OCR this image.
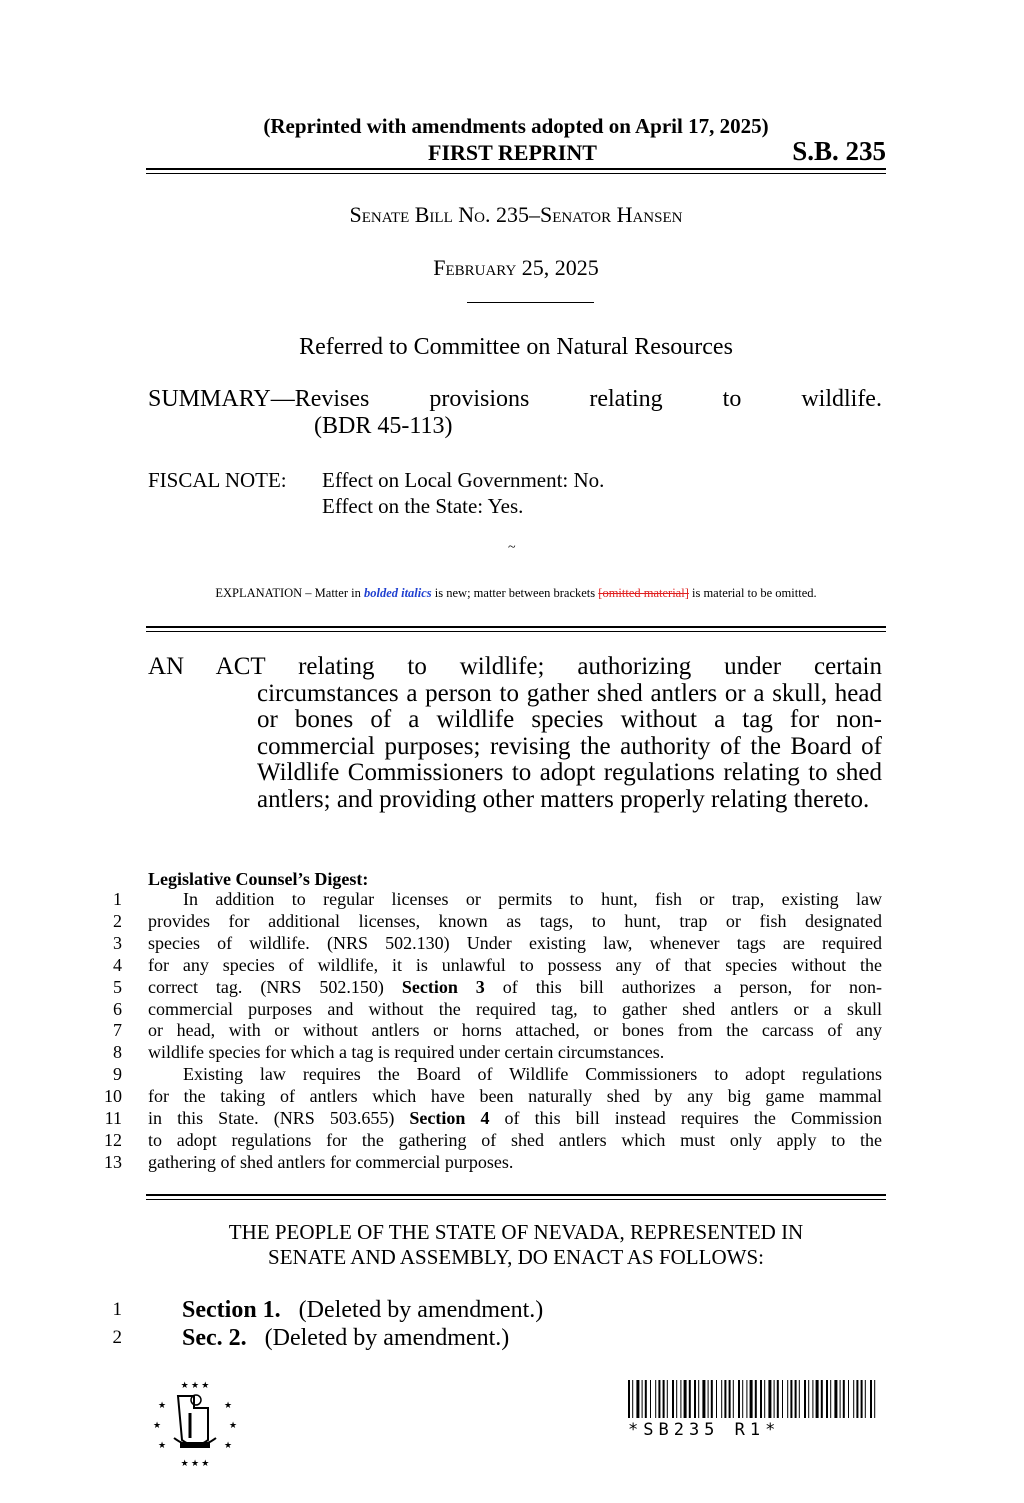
(Reprinted with amendments adopted on April 17, 2025)
FIRST REPRINT	S.B. 235
Senate Bill No. 235–Senator Hansen
February 25, 2025
Referred to Committee on Natural Resources
SUMMARY—Revises provisions relating to wildlife.
(BDR 45-113)
FISCAL NOTE:	Effect on Local Government: No.
Effect on the State: Yes.
~
EXPLANATION – Matter in bolded italics is new; matter between brackets [omitted material] is material to be omitted.
AN ACT relating to wildlife; authorizing under certain
circumstances a person to gather shed antlers or a skull, head or bones of a wildlife species without a tag for non-commercial purposes; revising the authority of the Board of Wildlife Commissioners to adopt regulations relating to shed antlers; and providing other matters properly relating thereto.
Legislative Counsel’s Digest:
1	In addition to regular licenses or permits to hunt, fish or trap, existing law
2 provides for additional licenses, known as tags, to hunt, trap or fish designated
3 species of wildlife. (NRS 502.130) Under existing law, whenever tags are required
4 for any species of wildlife, it is unlawful to possess any of that species without the
5 correct tag. (NRS 502.150) Section 3 of this bill authorizes a person, for non-
6 commercial purposes and without the required tag, to gather shed antlers or a skull
7 or head, with or without antlers or horns attached, or bones from the carcass of any
8 wildlife species for which a tag is required under certain circumstances.
9	Existing law requires the Board of Wildlife Commissioners to adopt regulations
10 for the taking of antlers which have been naturally shed by any big game mammal
11 in this State. (NRS 503.655) Section 4 of this bill instead requires the Commission
12 to adopt regulations for the gathering of shed antlers which must only apply to the
13 gathering of shed antlers for commercial purposes.
THE PEOPLE OF THE STATE OF NEVADA, REPRESENTED IN
SENATE AND ASSEMBLY, DO ENACT AS FOLLOWS:
1	Section 1. (Deleted by amendment.)
2	Sec. 2. (Deleted by amendment.)
★ ★ ★
★	★
★	★
★	★
★ ★ ★
*SB235 R1*
